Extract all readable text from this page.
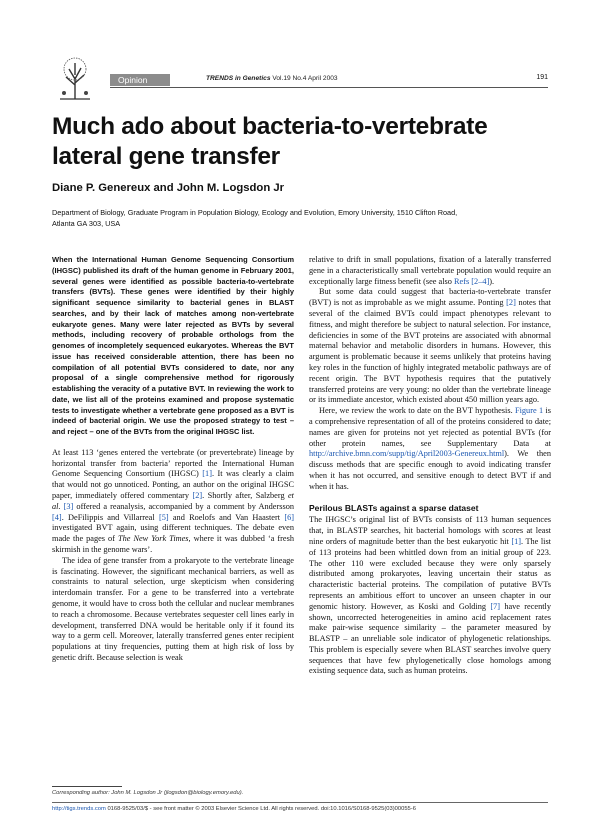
Opinion	TRENDS in Genetics Vol.19 No.4 April 2003	191
Much ado about bacteria-to-vertebrate
lateral gene transfer
Diane P. Genereux and John M. Logsdon Jr
Department of Biology, Graduate Program in Population Biology, Ecology and Evolution, Emory University, 1510 Clifton Road,
Atlanta GA 303, USA

When the International Human Genome Sequencing Consortium (IHGSC) published its draft of the human genome in February 2001, several genes were identified as possible bacteria-to-vertebrate transfers (BVTs). These genes were identified by their highly significant sequence similarity to bacterial genes in BLAST searches, and by their lack of matches among non-vertebrate eukaryote genes. Many were later rejected as BVTs by several methods, including recovery of probable orthologs from the genomes of incompletely sequenced eukaryotes. Whereas the BVT issue has received considerable attention, there has been no compilation of all potential BVTs considered to date, nor any proposal of a single comprehensive method for rigorously establishing the veracity of a putative BVT. In reviewing the work to date, we list all of the proteins examined and propose systematic tests to investigate whether a vertebrate gene proposed as a BVT is indeed of bacterial origin. We use the proposed strategy to test – and reject – one of the BVTs from the original IHGSC list.

At least 113 ‘genes entered the vertebrate (or prevertebrate) lineage by horizontal transfer from bacteria’ reported the International Human Genome Sequencing Consortium (IHGSC) [1]. It was clearly a claim that would not go unnoticed. Ponting, an author on the original IHGSC paper, immediately offered commentary [2]. Shortly after, Salzberg et al. [3] offered a reanalysis, accompanied by a comment by Andersson [4]. DeFilippis and Villarreal [5] and Roelofs and Van Haastert [6] investigated BVT again, using different techniques. The debate even made the pages of The New York Times, where it was dubbed ‘a fresh skirmish in the genome wars’.

The idea of gene transfer from a prokaryote to the vertebrate lineage is fascinating. However, the significant mechanical barriers, as well as constraints to natural selection, urge skepticism when considering interdomain transfer. For a gene to be transferred into a vertebrate genome, it would have to cross both the cellular and nuclear membranes to reach a chromosome. Because vertebrates sequester cell lines early in development, transferred DNA would be heritable only if it found its way to a germ cell. Moreover, laterally transferred genes enter recipient populations at tiny frequencies, putting them at high risk of loss by genetic drift. Because selection is weak

relative to drift in small populations, fixation of a laterally transferred gene in a characteristically small vertebrate population would require an exceptionally large fitness benefit (see also Refs [2–4]).

But some data could suggest that bacteria-to-vertebrate transfer (BVT) is not as improbable as we might assume. Ponting [2] notes that several of the claimed BVTs could impact phenotypes relevant to fitness, and might therefore be subject to natural selection. For instance, deficiencies in some of the BVT proteins are associated with abnormal maternal behavior and metabolic disorders in humans. However, this argument is problematic because it seems unlikely that proteins having key roles in the function of highly integrated metabolic pathways are of recent origin. The BVT hypothesis requires that the putatively transferred proteins are very young: no older than the vertebrate lineage or its immediate ancestor, which existed about 450 million years ago.

Here, we review the work to date on the BVT hypothesis. Figure 1 is a comprehensive representation of all of the proteins considered to date; names are given for proteins not yet rejected as potential BVTs (for other protein names, see Supplementary Data at http://archive.bmn.com/supp/tig/April2003-Genereux.html). We then discuss methods that are specific enough to avoid indicating transfer when it has not occurred, and sensitive enough to detect BVT if and when it has.

Perilous BLASTs against a sparse dataset

The IHGSC’s original list of BVTs consists of 113 human sequences that, in BLASTP searches, hit bacterial homologs with scores at least nine orders of magnitude better than the best eukaryotic hit [1]. The list of 113 proteins had been whittled down from an initial group of 223. The other 110 were excluded because they were only sparsely distributed among prokaryotes, leaving uncertain their status as characteristic bacterial proteins. The compilation of putative BVTs represents an ambitious effort to uncover an unseen chapter in our genomic history. However, as Koski and Golding [7] have recently shown, uncorrected heterogeneities in amino acid replacement rates make pair-wise sequence similarity – the parameter measured by BLASTP – an unreliable sole indicator of phylogenetic relationships. This problem is especially severe when BLAST searches involve query sequences that have few phylogenetically close homologs among existing sequence data, such as human proteins.

Corresponding author: John M. Logsdon Jr (jlogsdon@biology.emory.edu).
http://tigs.trends.com 0168-9525/03/$ - see front matter © 2003 Elsevier Science Ltd. All rights reserved. doi:10.1016/S0168-9525(03)00055-6
